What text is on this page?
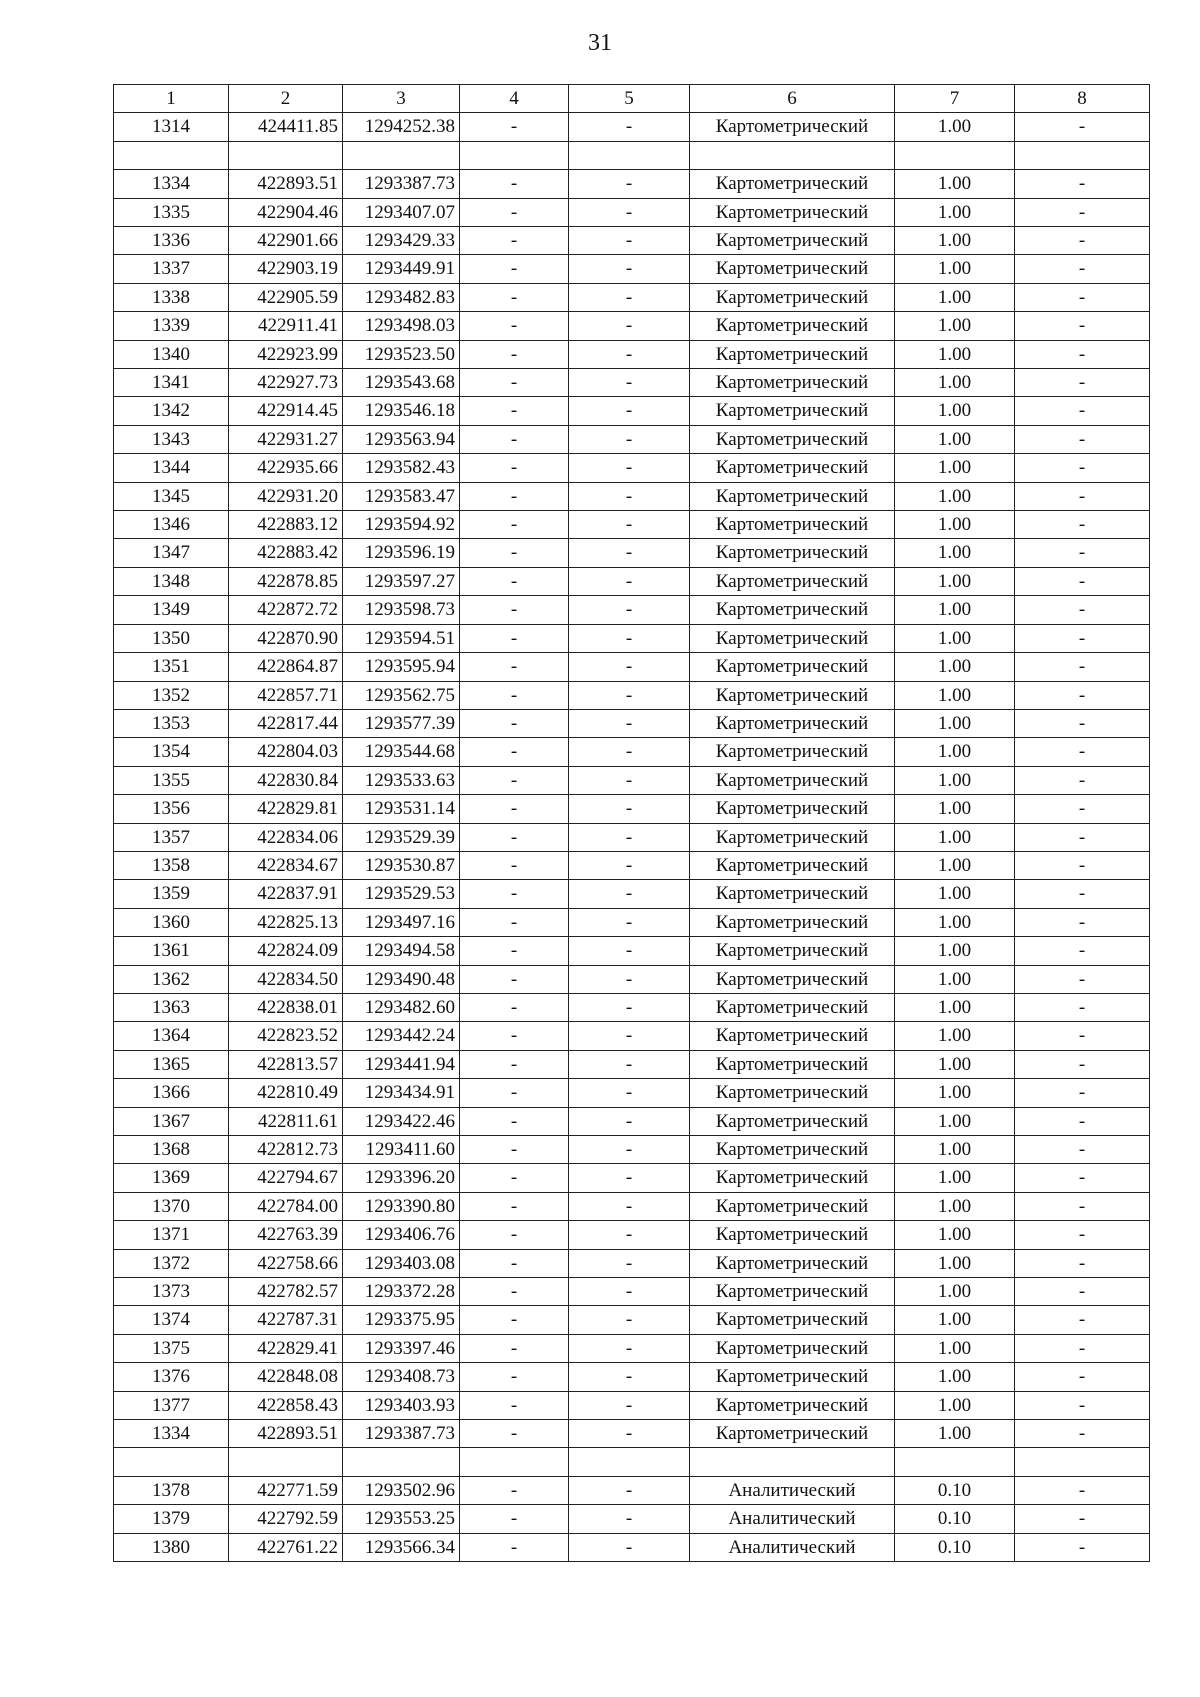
31
1	2	3	4	5	6	7	8
1314	424411.85	1294252.38	-	-	Картометрический	1.00	-

1334	422893.51	1293387.73	-	-	Картометрический	1.00	-
1335	422904.46	1293407.07	-	-	Картометрический	1.00	-
1336	422901.66	1293429.33	-	-	Картометрический	1.00	-
1337	422903.19	1293449.91	-	-	Картометрический	1.00	-
1338	422905.59	1293482.83	-	-	Картометрический	1.00	-
1339	422911.41	1293498.03	-	-	Картометрический	1.00	-
1340	422923.99	1293523.50	-	-	Картометрический	1.00	-
1341	422927.73	1293543.68	-	-	Картометрический	1.00	-
1342	422914.45	1293546.18	-	-	Картометрический	1.00	-
1343	422931.27	1293563.94	-	-	Картометрический	1.00	-
1344	422935.66	1293582.43	-	-	Картометрический	1.00	-
1345	422931.20	1293583.47	-	-	Картометрический	1.00	-
1346	422883.12	1293594.92	-	-	Картометрический	1.00	-
1347	422883.42	1293596.19	-	-	Картометрический	1.00	-
1348	422878.85	1293597.27	-	-	Картометрический	1.00	-
1349	422872.72	1293598.73	-	-	Картометрический	1.00	-
1350	422870.90	1293594.51	-	-	Картометрический	1.00	-
1351	422864.87	1293595.94	-	-	Картометрический	1.00	-
1352	422857.71	1293562.75	-	-	Картометрический	1.00	-
1353	422817.44	1293577.39	-	-	Картометрический	1.00	-
1354	422804.03	1293544.68	-	-	Картометрический	1.00	-
1355	422830.84	1293533.63	-	-	Картометрический	1.00	-
1356	422829.81	1293531.14	-	-	Картометрический	1.00	-
1357	422834.06	1293529.39	-	-	Картометрический	1.00	-
1358	422834.67	1293530.87	-	-	Картометрический	1.00	-
1359	422837.91	1293529.53	-	-	Картометрический	1.00	-
1360	422825.13	1293497.16	-	-	Картометрический	1.00	-
1361	422824.09	1293494.58	-	-	Картометрический	1.00	-
1362	422834.50	1293490.48	-	-	Картометрический	1.00	-
1363	422838.01	1293482.60	-	-	Картометрический	1.00	-
1364	422823.52	1293442.24	-	-	Картометрический	1.00	-
1365	422813.57	1293441.94	-	-	Картометрический	1.00	-
1366	422810.49	1293434.91	-	-	Картометрический	1.00	-
1367	422811.61	1293422.46	-	-	Картометрический	1.00	-
1368	422812.73	1293411.60	-	-	Картометрический	1.00	-
1369	422794.67	1293396.20	-	-	Картометрический	1.00	-
1370	422784.00	1293390.80	-	-	Картометрический	1.00	-
1371	422763.39	1293406.76	-	-	Картометрический	1.00	-
1372	422758.66	1293403.08	-	-	Картометрический	1.00	-
1373	422782.57	1293372.28	-	-	Картометрический	1.00	-
1374	422787.31	1293375.95	-	-	Картометрический	1.00	-
1375	422829.41	1293397.46	-	-	Картометрический	1.00	-
1376	422848.08	1293408.73	-	-	Картометрический	1.00	-
1377	422858.43	1293403.93	-	-	Картометрический	1.00	-
1334	422893.51	1293387.73	-	-	Картометрический	1.00	-

1378	422771.59	1293502.96	-	-	Аналитический	0.10	-
1379	422792.59	1293553.25	-	-	Аналитический	0.10	-
1380	422761.22	1293566.34	-	-	Аналитический	0.10	-
